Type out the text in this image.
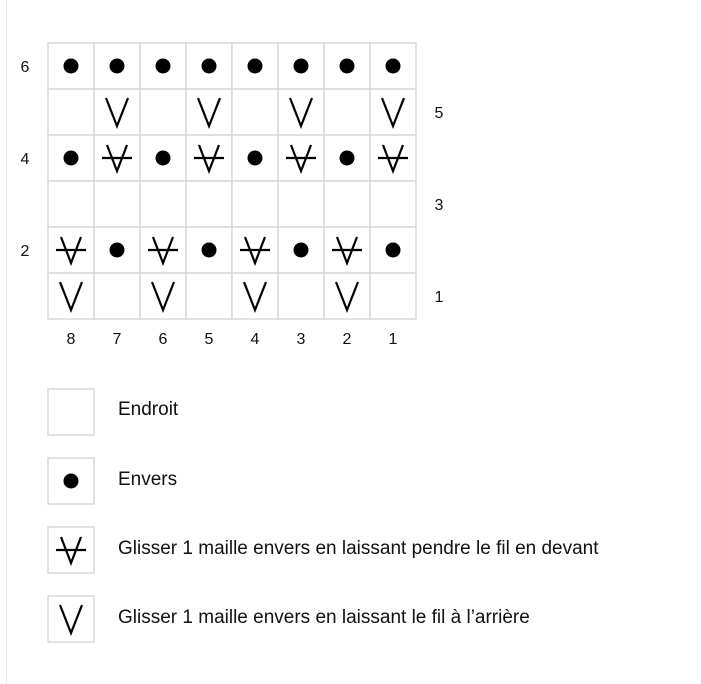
8 7 6 5 4 3 2 1
6
4
2
5
3
1
Endroit
Envers
Glisser 1 maille envers en laissant pendre le fil en devant
Glisser 1 maille envers en laissant le fil à l’arrière
